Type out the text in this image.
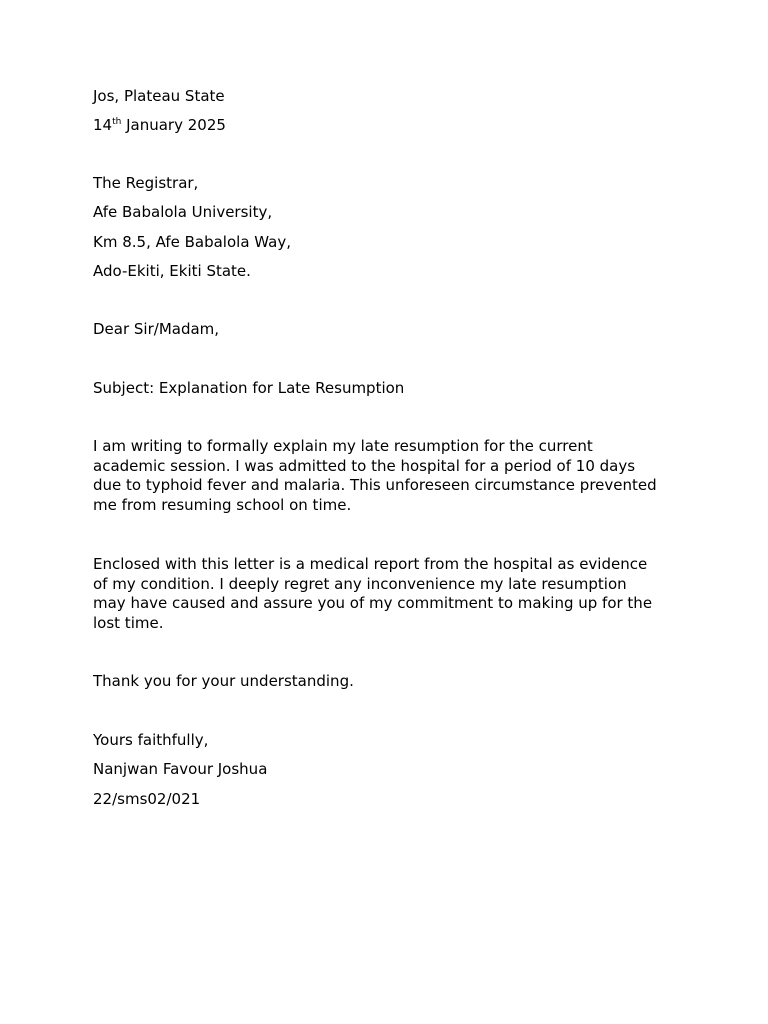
Jos, Plateau State
14th January 2025
The Registrar,
Afe Babalola University,
Km 8.5, Afe Babalola Way,
Ado-Ekiti, Ekiti State.
Dear Sir/Madam,
Subject: Explanation for Late Resumption
I am writing to formally explain my late resumption for the current
academic session. I was admitted to the hospital for a period of 10 days
due to typhoid fever and malaria. This unforeseen circumstance prevented
me from resuming school on time.
Enclosed with this letter is a medical report from the hospital as evidence
of my condition. I deeply regret any inconvenience my late resumption
may have caused and assure you of my commitment to making up for the
lost time.
Thank you for your understanding.
Yours faithfully,
Nanjwan Favour Joshua
22/sms02/021
